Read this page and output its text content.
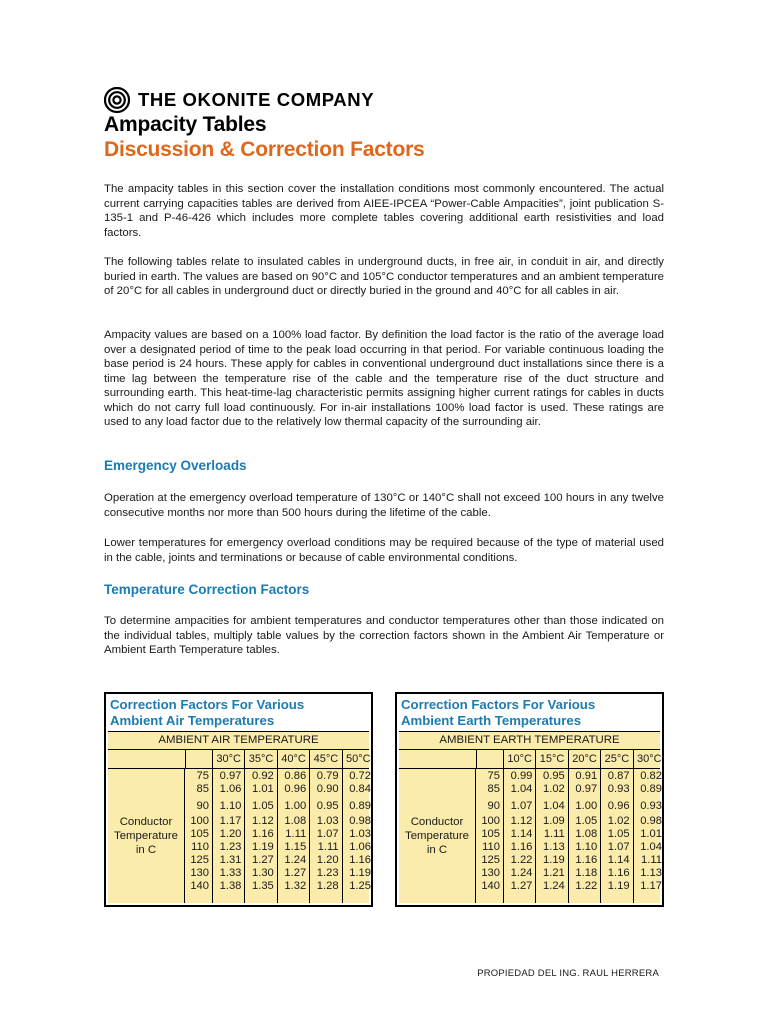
THE OKONITE COMPANY
Ampacity Tables
Discussion & Correction Factors

The ampacity tables in this section cover the installation conditions most commonly encountered. The actual current carrying capacities tables are derived from AIEE-IPCEA “Power-Cable Ampacities”, joint publication S-135-1 and P-46-426 which includes more complete tables covering additional earth resistivities and load factors.

The following tables relate to insulated cables in underground ducts, in free air, in conduit in air, and directly buried in earth. The values are based on 90°C and 105°C conductor temperatures and an ambient temperature of 20°C for all cables in underground duct or directly buried in the ground and 40°C for all cables in air.

Ampacity values are based on a 100% load factor. By definition the load factor is the ratio of the average load over a designated period of time to the peak load occurring in that period. For variable continuous loading the base period is 24 hours. These apply for cables in conventional underground duct installations since there is a time lag between the temperature rise of the cable and the temperature rise of the duct structure and surrounding earth. This heat-time-lag characteristic permits assigning higher current ratings for cables in ducts which do not carry full load continuously. For in-air installations 100% load factor is used. These ratings are used to any load factor due to the relatively low thermal capacity of the surrounding air.

Emergency Overloads

Operation at the emergency overload temperature of 130°C or 140°C shall not exceed 100 hours in any twelve consecutive months nor more than 500 hours during the lifetime of the cable.

Lower temperatures for emergency overload conditions may be required because of the type of material used in the cable, joints and terminations or because of cable environmental conditions.

Temperature Correction Factors

To determine ampacities for ambient temperatures and conductor temperatures other than those indicated on the individual tables, multiply table values by the correction factors shown in the Ambient Air Temperature or Ambient Earth Temperature tables.

Correction Factors For Various
Ambient Air Temperatures
AMBIENT AIR TEMPERATURE
30°C 35°C 40°C 45°C 50°C
Conductor
Temperature
in C
75 0.97 0.92 0.86 0.79 0.72
85 1.06 1.01 0.96 0.90 0.84
90 1.10 1.05 1.00 0.95 0.89
100 1.17 1.12 1.08 1.03 0.98
105 1.20 1.16	1.11 1.07 1.03
110 1.23 1.19 1.15	1.11 1.06
125 1.31 1.27 1.24 1.20 1.16
130 1.33 1.30 1.27 1.23 1.19
140 1.38 1.35 1.32 1.28 1.25
Correction Factors For Various
Ambient Earth Temperatures
AMBIENT EARTH TEMPERATURE
10°C 15°C 20°C 25°C 30°C
Conductor
Temperature
in C
75 0.99 0.95 0.91 0.87 0.82
85 1.04 1.02 0.97 0.93 0.89
90 1.07 1.04 1.00 0.96 0.93
100 1.12 1.09 1.05 1.02 0.98
105 1.14	1.11 1.08 1.05 1.01
110 1.16 1.13 1.10 1.07 1.04
125 1.22 1.19 1.16 1.14	1.11
130 1.24 1.21 1.18 1.16 1.13
140 1.27 1.24 1.22 1.19 1.17
PROPIEDAD DEL ING. RAUL HERRERA
